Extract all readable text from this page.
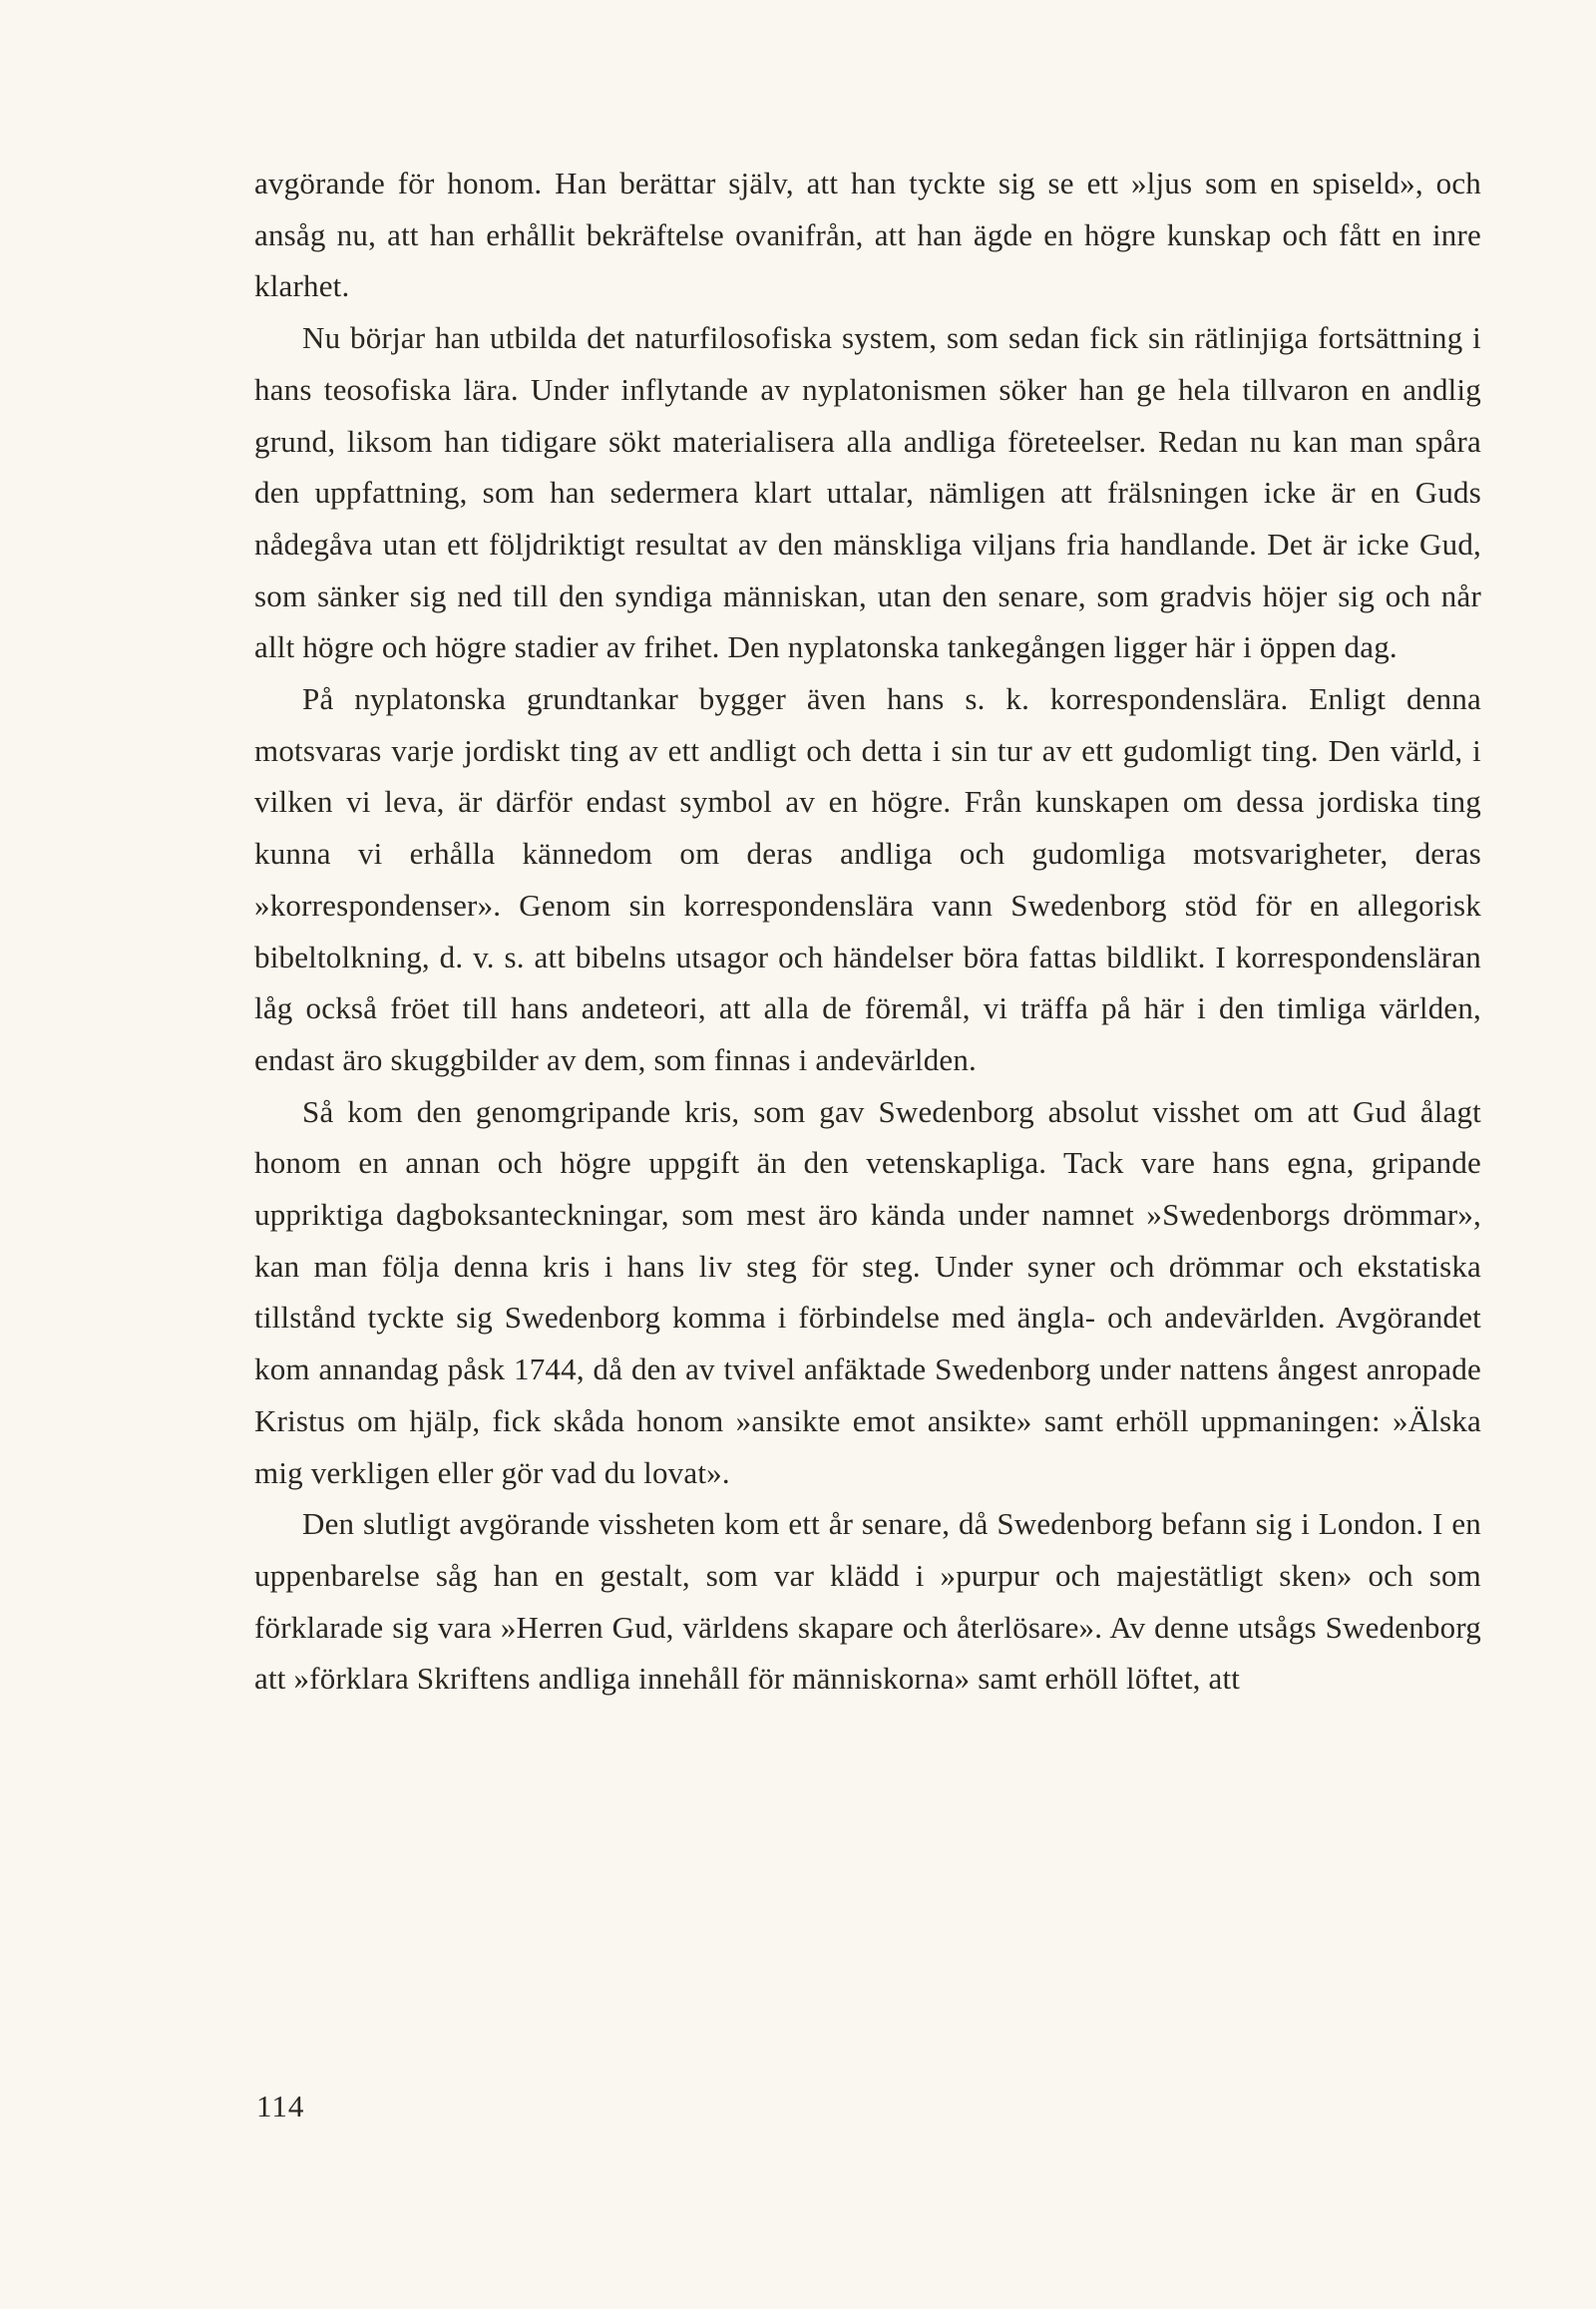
avgörande för honom. Han berättar själv, att han tyckte sig se ett »ljus som en spiseld», och ansåg nu, att han erhållit bekräftelse ovanifrån, att han ägde en högre kunskap och fått en inre klarhet.

Nu börjar han utbilda det naturfilosofiska system, som sedan fick sin rätlinjiga fortsättning i hans teosofiska lära. Under inflytande av nyplatonismen söker han ge hela tillvaron en andlig grund, liksom han tidigare sökt materialisera alla andliga företeelser. Redan nu kan man spåra den uppfattning, som han sedermera klart uttalar, nämligen att frälsningen icke är en Guds nådegåva utan ett följdriktigt resultat av den mänskliga viljans fria handlande. Det är icke Gud, som sänker sig ned till den syndiga människan, utan den senare, som gradvis höjer sig och når allt högre och högre stadier av frihet. Den nyplatonska tankegången ligger här i öppen dag.

På nyplatonska grundtankar bygger även hans s. k. korrespondenslära. Enligt denna motsvaras varje jordiskt ting av ett andligt och detta i sin tur av ett gudomligt ting. Den värld, i vilken vi leva, är därför endast symbol av en högre. Från kunskapen om dessa jordiska ting kunna vi erhålla kännedom om deras andliga och gudomliga motsvarigheter, deras »korrespondenser». Genom sin korrespondenslära vann Swedenborg stöd för en allegorisk bibeltolkning, d. v. s. att bibelns utsagor och händelser böra fattas bildlikt. I korrespondensläran låg också fröet till hans andeteori, att alla de föremål, vi träffa på här i den timliga världen, endast äro skuggbilder av dem, som finnas i andevärlden.

Så kom den genomgripande kris, som gav Swedenborg absolut visshet om att Gud ålagt honom en annan och högre uppgift än den vetenskapliga. Tack vare hans egna, gripande uppriktiga dagboksanteckningar, som mest äro kända under namnet »Swedenborgs drömmar», kan man följa denna kris i hans liv steg för steg. Under syner och drömmar och ekstatiska tillstånd tyckte sig Swedenborg komma i förbindelse med ängla- och andevärlden. Avgörandet kom annandag påsk 1744, då den av tvivel anfäktade Swedenborg under nattens ångest anropade Kristus om hjälp, fick skåda honom »ansikte emot ansikte» samt erhöll uppmaningen: »Älska mig verkligen eller gör vad du lovat».

Den slutligt avgörande vissheten kom ett år senare, då Swedenborg befann sig i London. I en uppenbarelse såg han en gestalt, som var klädd i »purpur och majestätligt sken» och som förklarade sig vara »Herren Gud, världens skapare och återlösare». Av denne utsågs Swedenborg att »förklara Skriftens andliga innehåll för människorna» samt erhöll löftet, att

114
